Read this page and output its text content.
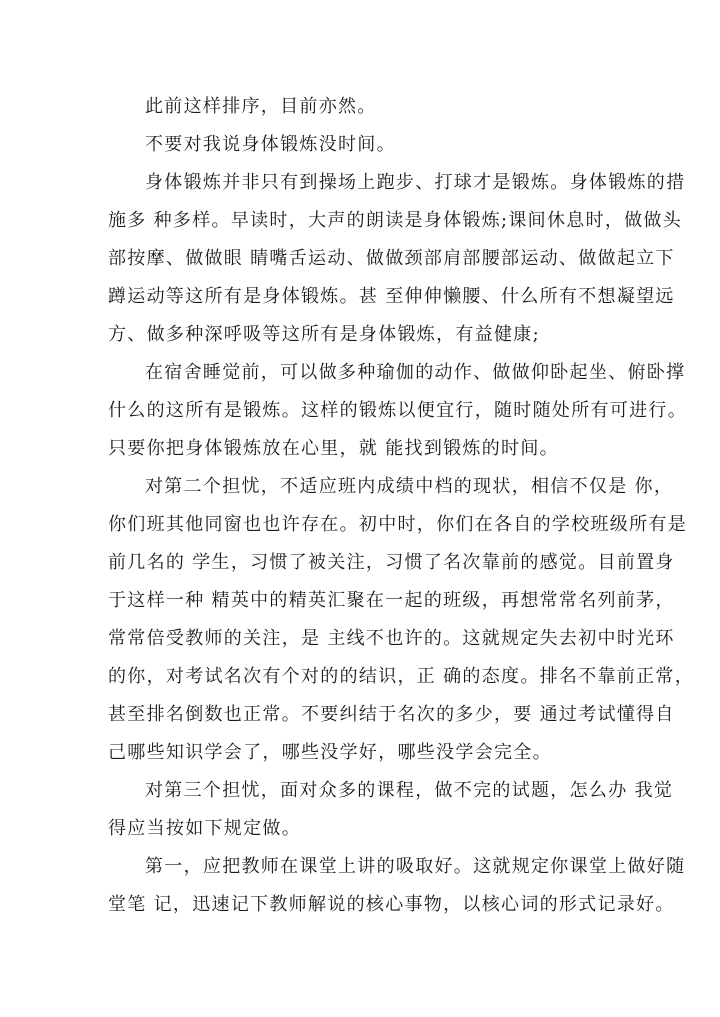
此前这样排序，目前亦然。
不要对我说身体锻炼没时间。
身体锻炼并非只有到操场上跑步、打球才是锻炼。身体锻炼的措
施多 种多样。早读时，大声的朗读是身体锻炼;课间休息时，做做头
部按摩、做做眼 睛嘴舌运动、做做颈部肩部腰部运动、做做起立下
蹲运动等这所有是身体锻炼。甚 至伸伸懒腰、什么所有不想凝望远
方、做多种深呼吸等这所有是身体锻炼，有益健康;
在宿舍睡觉前，可以做多种瑜伽的动作、做做仰卧起坐、俯卧撑
什么的这所有是锻炼。这样的锻炼以便宜行，随时随处所有可进行。
只要你把身体锻炼放在心里，就 能找到锻炼的时间。
对第二个担忧，不适应班内成绩中档的现状，相信不仅是 你，
你们班其他同窗也也许存在。初中时，你们在各自的学校班级所有是
前几名的 学生，习惯了被关注，习惯了名次靠前的感觉。目前置身
于这样一种 精英中的精英汇聚在一起的班级，再想常常名列前茅，
常常倍受教师的关注，是 主线不也许的。这就规定失去初中时光环
的你，对考试名次有个对的的结识，正 确的态度。排名不靠前正常，
甚至排名倒数也正常。不要纠结于名次的多少，要 通过考试懂得自
己哪些知识学会了，哪些没学好，哪些没学会完全。
对第三个担忧，面对众多的课程，做不完的试题，怎么办 我觉
得应当按如下规定做。
第一，应把教师在课堂上讲的吸取好。这就规定你课堂上做好随
堂笔 记，迅速记下教师解说的核心事物，以核心词的形式记录好。
